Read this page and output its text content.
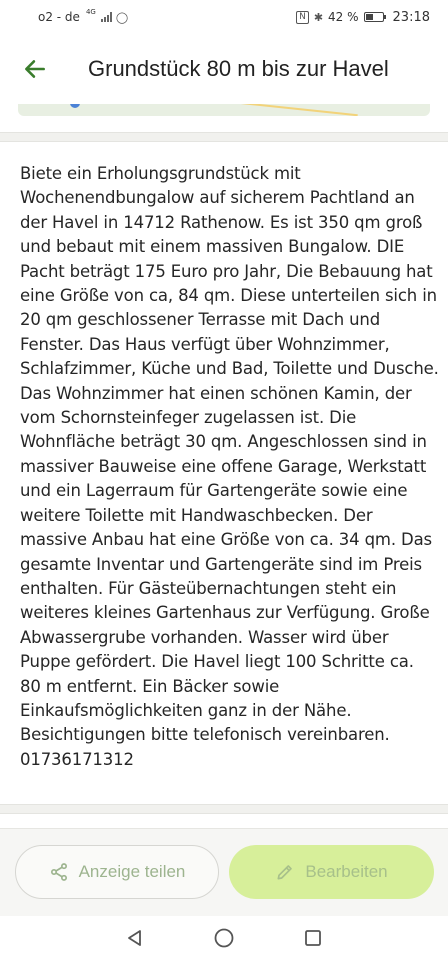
o2 - de 4G ◯	N ✱ 42 %	23:18
Grundstück 80 m bis zur Havel
Biete ein Erholungsgrundstück mit
Wochenendbungalow auf sicherem Pachtland an
der Havel in 14712 Rathenow. Es ist 350 qm groß
und bebaut mit einem massiven Bungalow. DIE
Pacht beträgt 175 Euro pro Jahr, Die Bebauung hat
eine Größe von ca, 84 qm. Diese unterteilen sich in
20 qm geschlossener Terrasse mit Dach und
Fenster. Das Haus verfügt über Wohnzimmer,
Schlafzimmer, Küche und Bad, Toilette und Dusche.
Das Wohnzimmer hat einen schönen Kamin, der
vom Schornsteinfeger zugelassen ist. Die
Wohnfläche beträgt 30 qm. Angeschlossen sind in
massiver Bauweise eine offene Garage, Werkstatt
und ein Lagerraum für Gartengeräte sowie eine
weitere Toilette mit Handwaschbecken. Der
massive Anbau hat eine Größe von ca. 34 qm. Das
gesamte Inventar und Gartengeräte sind im Preis
enthalten. Für Gästeübernachtungen steht ein
weiteres kleines Gartenhaus zur Verfügung. Große
Abwassergrube vorhanden. Wasser wird über
Puppe gefördert. Die Havel liegt 100 Schritte ca.
80 m entfernt. Ein Bäcker sowie
Einkaufsmöglichkeiten ganz in der Nähe.
Besichtigungen bitte telefonisch vereinbaren.
01736171312
Anzeige teilen	Bearbeiten
